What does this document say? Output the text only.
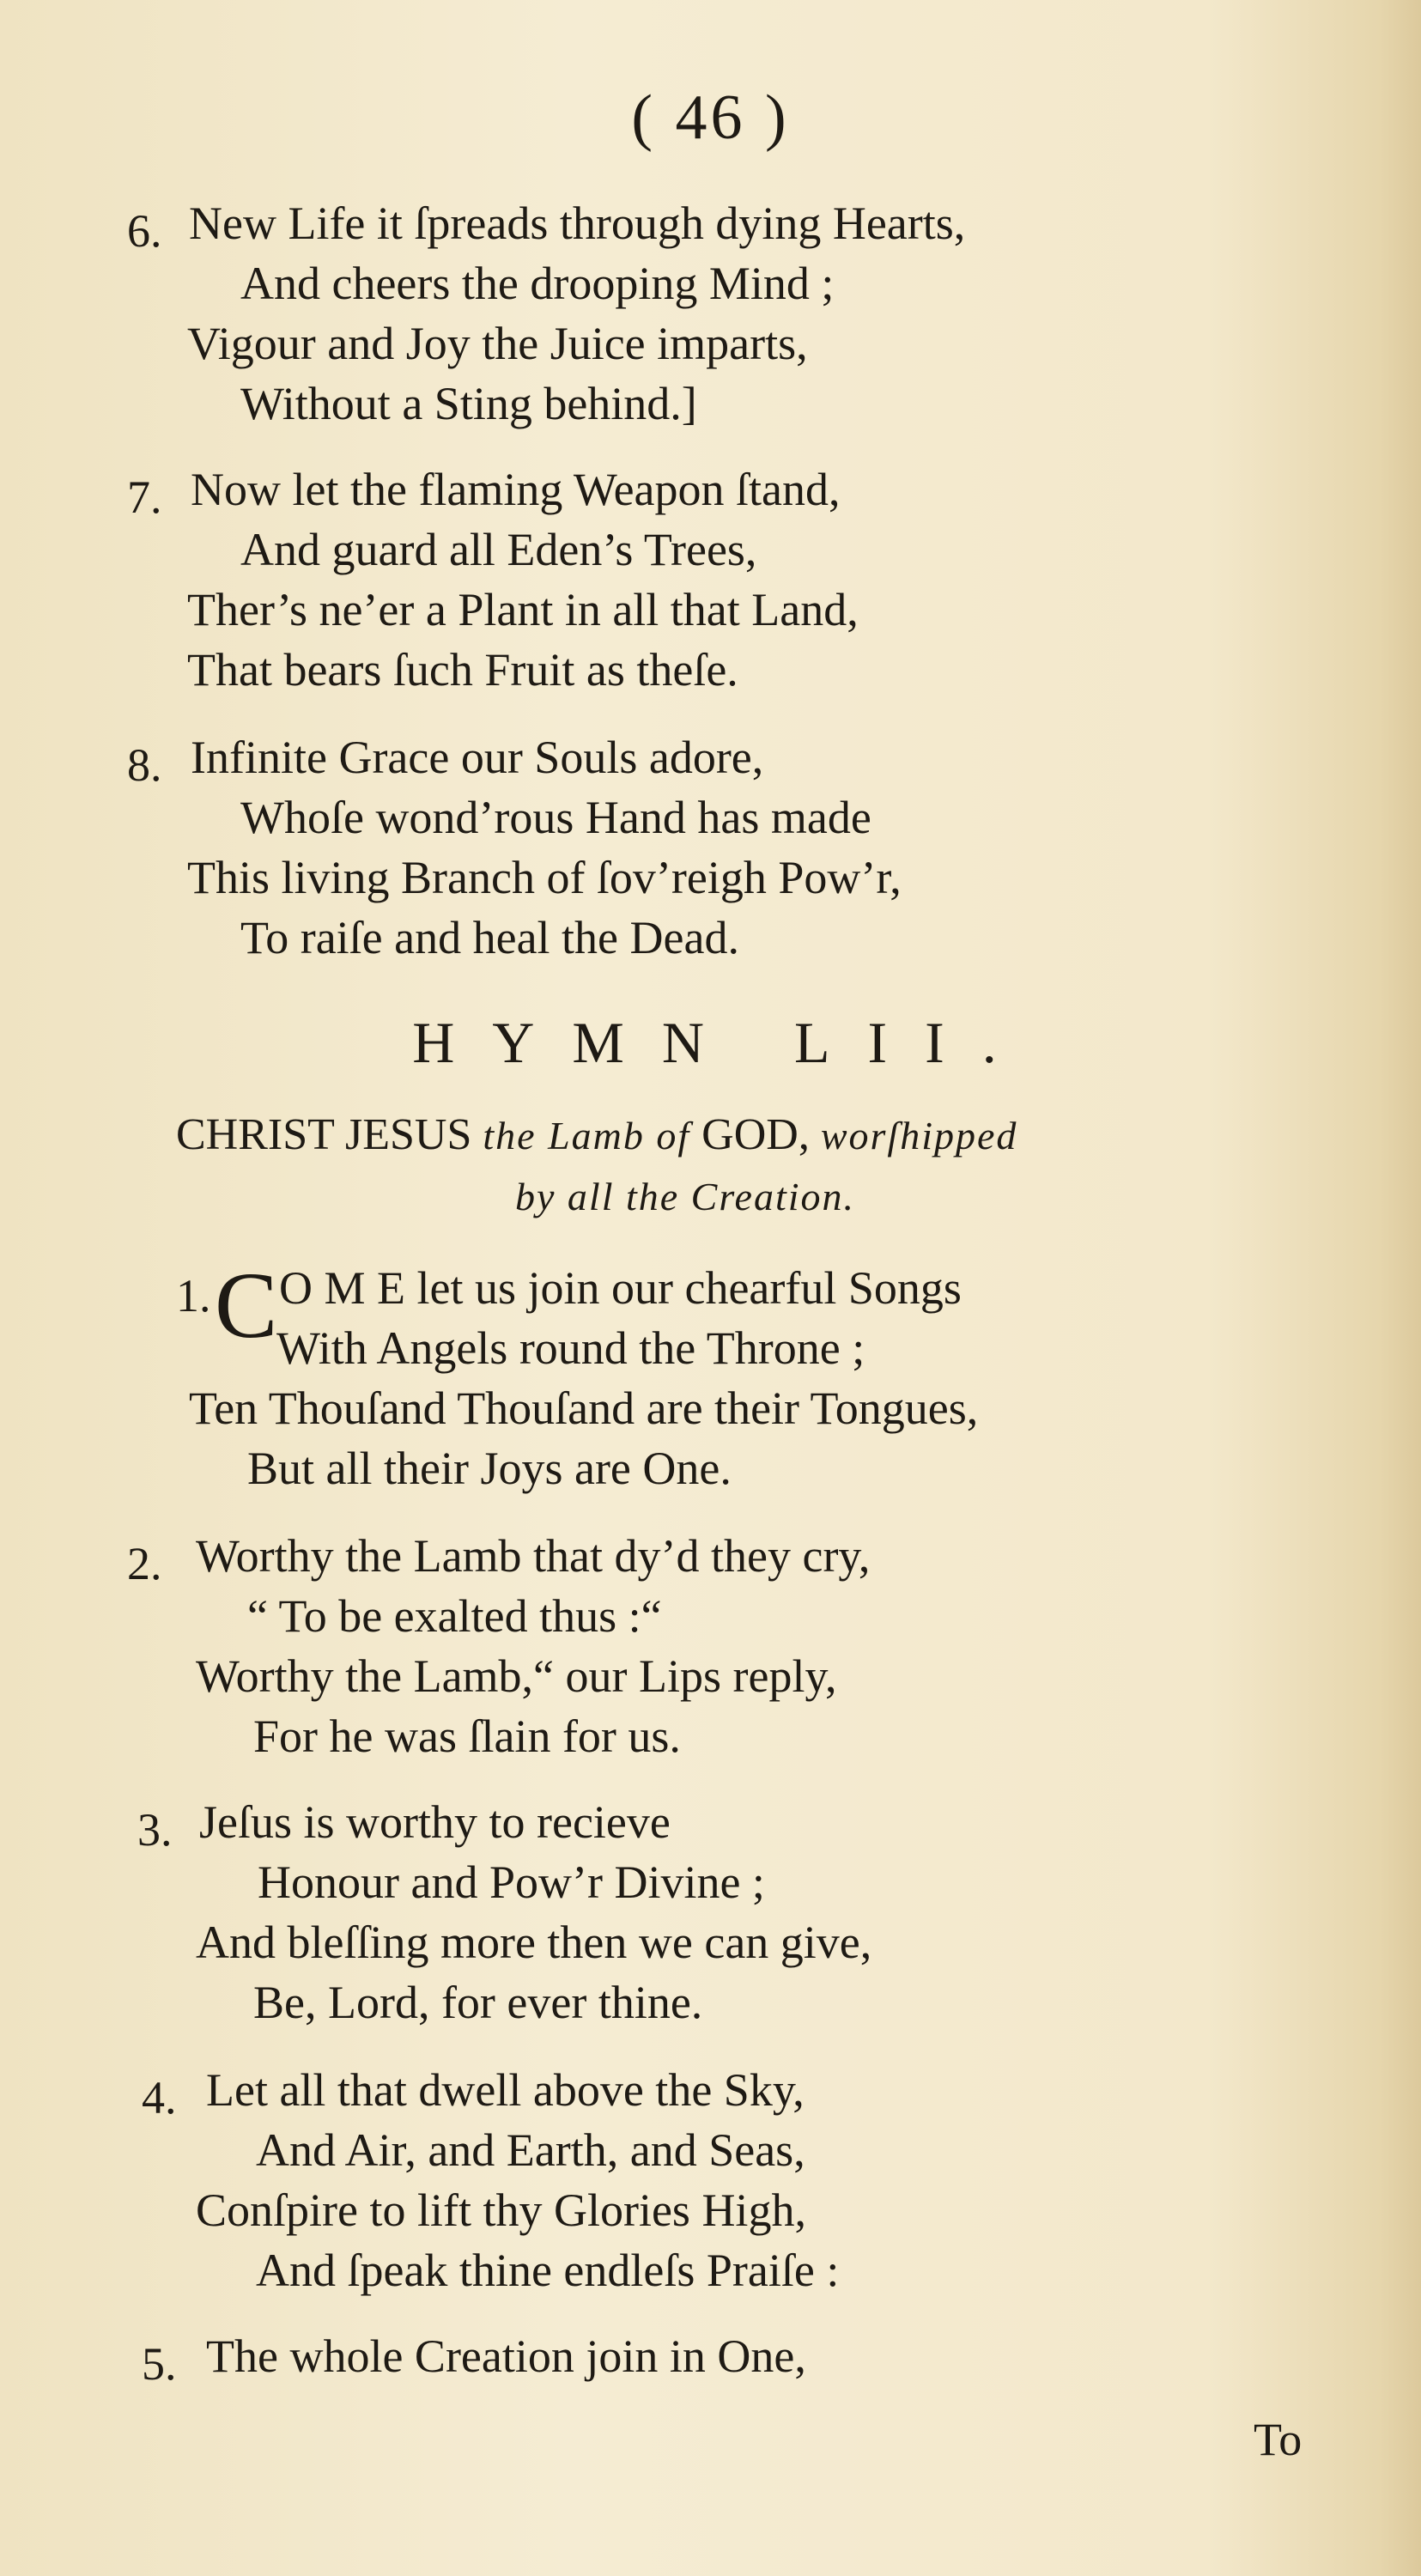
( 46 )
6. New Life it ſpreads through dying Hearts,
And cheers the drooping Mind ;
Vigour and Joy the Juice imparts,
Without a Sting behind.]
7. Now let the flaming Weapon ſtand,
And guard all Eden’s Trees,
Ther’s ne’er a Plant in all that Land,
That bears ſuch Fruit as theſe.
8. Infinite Grace our Souls adore,
Whoſe wond’rous Hand has made
This living Branch of ſov’reigh Pow’r,
To raiſe and heal the Dead.
HYMN LII.
CHRIST JESUS the Lamb of GOD, worſhipped
by all the Creation.
1. C O M E let us join our chearful Songs
With Angels round the Throne ;
Ten Thouſand Thouſand are their Tongues,
But all their Joys are One.
2. Worthy the Lamb that dy’d they cry,
“ To be exalted thus :“
Worthy the Lamb,“ our Lips reply,
For he was ſlain for us.
3. Jeſus is worthy to recieve
Honour and Pow’r Divine ;
And bleſſing more then we can give,
Be, Lord, for ever thine.
4. Let all that dwell above the Sky,
And Air, and Earth, and Seas,
Conſpire to lift thy Glories High,
And ſpeak thine endleſs Praiſe :
5. The whole Creation join in One,
To
